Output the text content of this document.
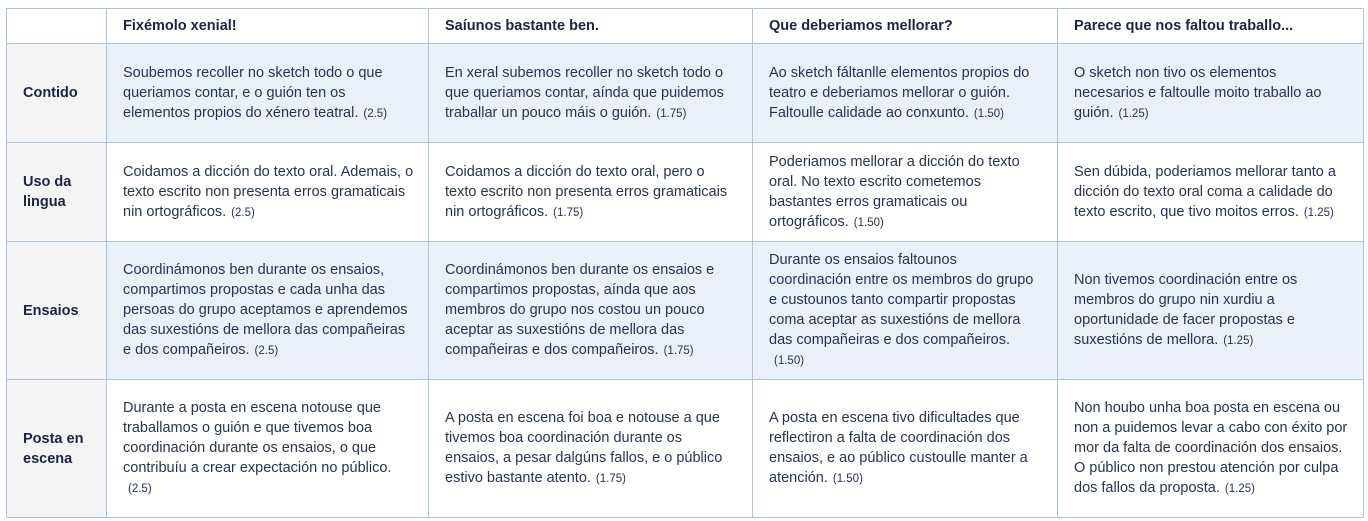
	Fixémolo xenial!	Saíunos bastante ben.	Que deberiamos mellorar?	Parece que nos faltou traballo...
Contido	Soubemos recoller no sketch todo o que queriamos contar, e o guión ten os elementos propios do xénero teatral. (2.5)	En xeral subemos recoller no sketch todo o que queriamos contar, aínda que puidemos traballar un pouco máis o guión. (1.75)	Ao sketch fáltanlle elementos propios do teatro e deberiamos mellorar o guión. Faltoulle calidade ao conxunto. (1.50)	O sketch non tivo os elementos necesarios e faltoulle moito traballo ao guión. (1.25)
Uso da lingua	Coidamos a dicción do texto oral. Ademais, o texto escrito non presenta erros gramaticais nin ortográficos. (2.5)	Coidamos a dicción do texto oral, pero o texto escrito non presenta erros gramaticais nin ortográficos. (1.75)	Poderiamos mellorar a dicción do texto oral. No texto escrito cometemos bastantes erros gramaticais ou ortográficos. (1.50)	Sen dúbida, poderiamos mellorar tanto a dicción do texto oral coma a calidade do texto escrito, que tivo moitos erros. (1.25)
Ensaios	Coordinámonos ben durante os ensaios, compartimos propostas e cada unha das persoas do grupo aceptamos e aprendemos das suxestións de mellora das compañeiras e dos compañeiros. (2.5)	Coordinámonos ben durante os ensaios e compartimos propostas, aínda que aos membros do grupo nos costou un pouco aceptar as suxestións de mellora das compañeiras e dos compañeiros. (1.75)	Durante os ensaios faltounos coordinación entre os membros do grupo e custounos tanto compartir propostas coma aceptar as suxestións de mellora das compañeiras e dos compañeiros.(1.50)	Non tivemos coordinación entre os membros do grupo nin xurdiu a oportunidade de facer propostas e suxestións de mellora. (1.25)
Posta en escena	Durante a posta en escena notouse que traballamos o guión e que tivemos boa coordinación durante os ensaios, o que contribuíu a crear expectación no público.(2.5)	A posta en escena foi boa e notouse a que tivemos boa coordinación durante os ensaios, a pesar dalgúns fallos, e o público estivo bastante atento. (1.75)	A posta en escena tivo dificultades que reflectiron a falta de coordinación dos ensaios, e ao público custoulle manter a atención. (1.50)	Non houbo unha boa posta en escena ou non a puidemos levar a cabo con éxito por mor da falta de coordinación dos ensaios. O público non prestou atención por culpa dos fallos da proposta. (1.25)
